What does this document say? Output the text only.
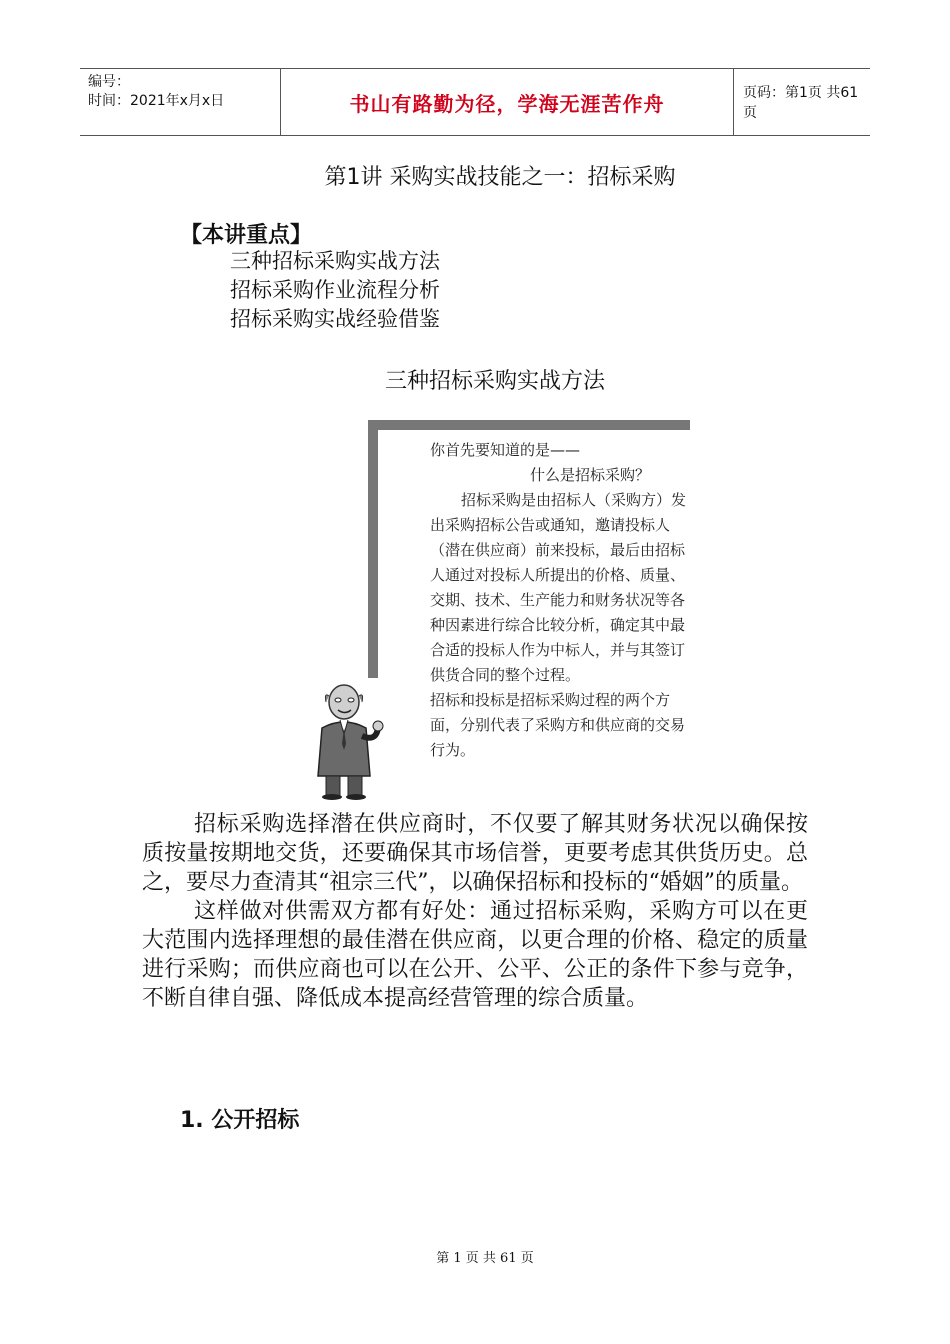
编号：
时间：2021年x月x日	书山有路勤为径，学海无涯苦作舟	页码：第1页 共61页
第1讲 采购实战技能之一：招标采购
【本讲重点】
三种招标采购实战方法
招标采购作业流程分析
招标采购实战经验借鉴
三种招标采购实战方法

你首先要知道的是——

什么是招标采购？

招标采购是由招标人（采购方）发出采购招标公告或通知，邀请投标人（潜在供应商）前来投标，最后由招标人通过对投标人所提出的价格、质量、交期、技术、生产能力和财务状况等各种因素进行综合比较分析，确定其中最合适的投标人作为中标人，并与其签订供货合同的整个过程。

招标和投标是招标采购过程的两个方面，分别代表了采购方和供应商的交易行为。

招标采购选择潜在供应商时，不仅要了解其财务状况以确保按质按量按期地交货，还要确保其市场信誉，更要考虑其供货历史。总之，要尽力查清其“祖宗三代”，以确保招标和投标的“婚姻”的质量。

这样做对供需双方都有好处：通过招标采购，采购方可以在更大范围内选择理想的最佳潜在供应商，以更合理的价格、稳定的质量进行采购；而供应商也可以在公开、公平、公正的条件下参与竞争，不断自律自强、降低成本提高经营管理的综合质量。

1. 公开招标
第 1 页 共 61 页
